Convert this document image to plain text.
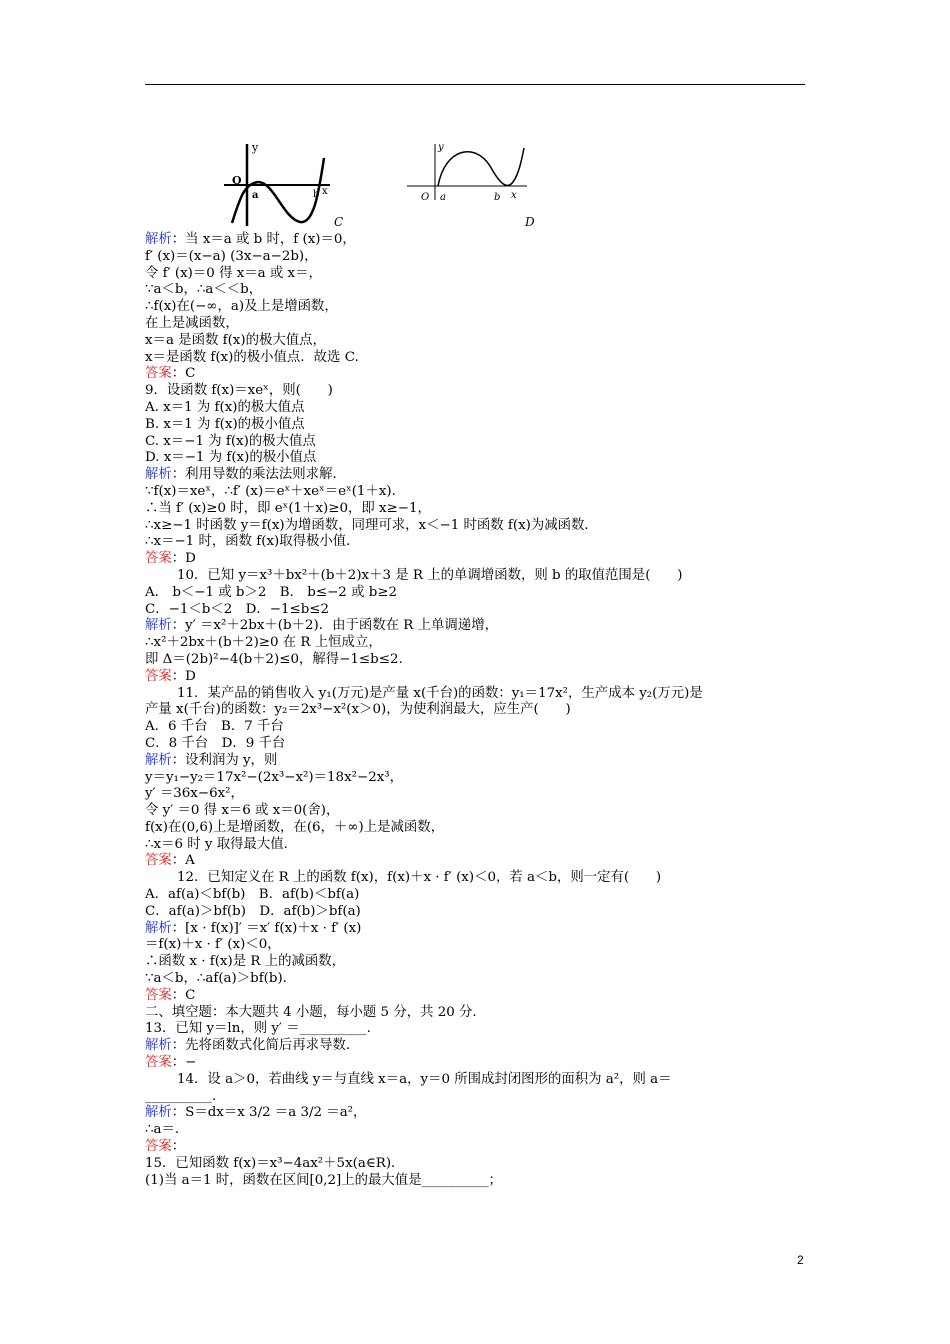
y
O
a	b x
C
y
O a	b x
D
解析：当 x＝a 或 b 时，f (x)＝0，
f′ (x)＝(x−a) (3x−a−2b)，
令 f′ (x)＝0 得 x＝a 或 x＝，
∵a＜b，∴a＜＜b，
∴f(x)在(−∞，a)及上是增函数，
在上是减函数，
x＝a 是函数 f(x)的极大值点，
x＝是函数 f(x)的极小值点．故选 C.
答案：C
9．设函数 f(x)＝xeˣ，则(　　)
A. x＝1 为 f(x)的极大值点
B. x＝1 为 f(x)的极小值点
C. x＝−1 为 f(x)的极大值点
D. x＝−1 为 f(x)的极小值点
解析：利用导数的乘法法则求解．
∵f(x)＝xeˣ，∴f′ (x)＝eˣ＋xeˣ＝eˣ(1＋x)．
∴当 f′ (x)≥0 时，即 eˣ(1＋x)≥0，即 x≥−1，
∴x≥−1 时函数 y＝f(x)为增函数，同理可求，x＜−1 时函数 f(x)为减函数．
∴x＝−1 时，函数 f(x)取得极小值．
答案：D
10．已知 y＝x³＋bx²＋(b＋2)x＋3 是 R 上的单调增函数，则 b 的取值范围是(　　)
A． b＜−1 或 b＞2　B． b≤−2 或 b≥2
C．−1＜b＜2　D．−1≤b≤2
解析：y′ ＝x²＋2bx＋(b＋2)．由于函数在 R 上单调递增，
∴x²＋2bx＋(b＋2)≥0 在 R 上恒成立，
即 Δ＝(2b)²−4(b＋2)≤0，解得−1≤b≤2.
答案：D
11．某产品的销售收入 y₁(万元)是产量 x(千台)的函数：y₁＝17x²，生产成本 y₂(万元)是
产量 x(千台)的函数：y₂＝2x³−x²(x＞0)，为使利润最大，应生产(　　)
A．6 千台　B．7 千台
C．8 千台　D．9 千台
解析：设利润为 y，则
y＝y₁−y₂＝17x²−(2x³−x²)＝18x²−2x³，
y′ ＝36x−6x²，
令 y′ ＝0 得 x＝6 或 x＝0(舍)，
f(x)在(0,6)上是增函数，在(6，＋∞)上是减函数，
∴x＝6 时 y 取得最大值.
答案：A
12．已知定义在 R 上的函数 f(x)，f(x)＋x · f′ (x)＜0，若 a＜b，则一定有(　　)
A．af(a)＜bf(b)　B．af(b)＜bf(a)
C．af(a)＞bf(b)　D．af(b)＞bf(a)
解析：[x · f(x)]′ ＝x′ f(x)＋x · f′ (x)
＝f(x)＋x · f′ (x)＜0，
∴函数 x · f(x)是 R 上的减函数，
∵a＜b，∴af(a)＞bf(b)．
答案：C
二、填空题：本大题共 4 小题，每小题 5 分，共 20 分．
13．已知 y＝ln，则 y′ ＝__________.
解析：先将函数式化简后再求导数．
答案：−
14．设 a＞0，若曲线 y＝与直线 x＝a，y＝0 所围成封闭图形的面积为 a²，则 a＝
__________.
解析：S＝dx＝x 3/2 ＝a 3/2 ＝a²，
∴a＝.
答案：
15．已知函数 f(x)＝x³−4ax²＋5x(a∈R)．
(1)当 a＝1 时，函数在区间[0,2]上的最大值是__________；
2
